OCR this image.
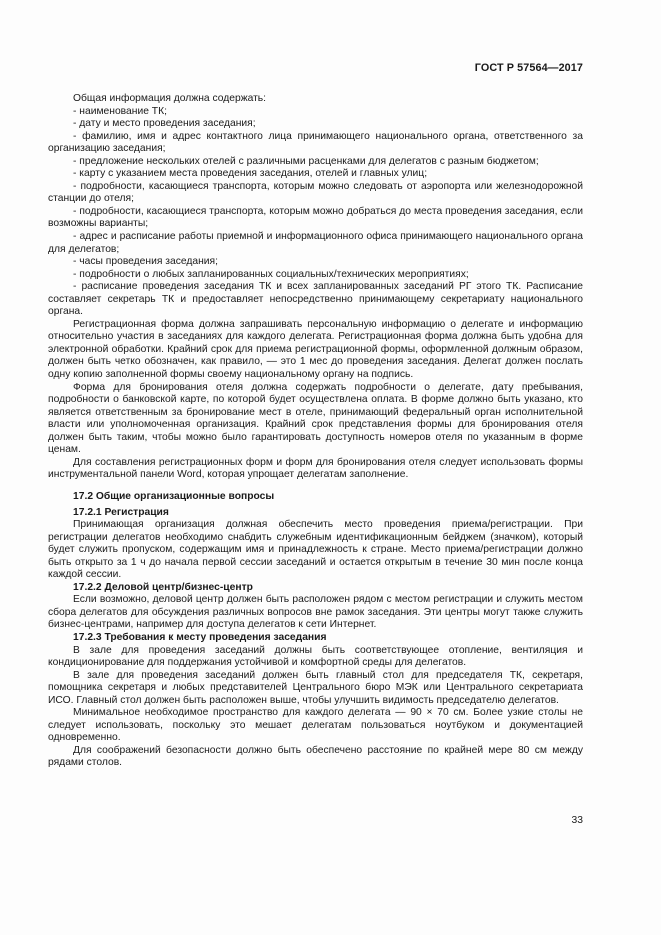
ГОСТ Р 57564—2017

Общая информация должна содержать:

- наименование ТК;

- дату и место проведения заседания;

- фамилию, имя и адрес контактного лица принимающего национального органа, ответственного за организацию заседания;

- предложение нескольких отелей с различными расценками для делегатов с разным бюджетом;

- карту с указанием места проведения заседания, отелей и главных улиц;

- подробности, касающиеся транспорта, которым можно следовать от аэропорта или железнодорожной станции до отеля;

- подробности, касающиеся транспорта, которым можно добраться до места проведения заседания, если возможны варианты;

- адрес и расписание работы приемной и информационного офиса принимающего национального органа для делегатов;

- часы проведения заседания;

- подробности о любых запланированных социальных/технических мероприятиях;

- расписание проведения заседания ТК и всех запланированных заседаний РГ этого ТК. Расписание составляет секретарь ТК и предоставляет непосредственно принимающему секретариату национального органа.

Регистрационная форма должна запрашивать персональную информацию о делегате и информацию относительно участия в заседаниях для каждого делегата. Регистрационная форма должна быть удобна для электронной обработки. Крайний срок для приема регистрационной формы, оформленной должным образом, должен быть четко обозначен, как правило, — это 1 мес до проведения заседания. Делегат должен послать одну копию заполненной формы своему национальному органу на подпись.

Форма для бронирования отеля должна содержать подробности о делегате, дату пребывания, подробности о банковской карте, по которой будет осуществлена оплата. В форме должно быть указано, кто является ответственным за бронирование мест в отеле, принимающий федеральный орган исполнительной власти или уполномоченная организация. Крайний срок представления формы для бронирования отеля должен быть таким, чтобы можно было гарантировать доступность номеров отеля по указанным в форме ценам.

Для составления регистрационных форм и форм для бронирования отеля следует использовать формы инструментальной панели Word, которая упрощает делегатам заполнение.

17.2 Общие организационные вопросы

17.2.1 Регистрация

Принимающая организация должная обеспечить место проведения приема/регистрации. При регистрации делегатов необходимо снабдить служебным идентификационным бейджем (значком), который будет служить пропуском, содержащим имя и принадлежность к стране. Место приема/регистрации должно быть открыто за 1 ч до начала первой сессии заседаний и остается открытым в течение 30 мин после конца каждой сессии.

17.2.2 Деловой центр/бизнес-центр

Если возможно, деловой центр должен быть расположен рядом с местом регистрации и служить местом сбора делегатов для обсуждения различных вопросов вне рамок заседания. Эти центры могут также служить бизнес-центрами, например для доступа делегатов к сети Интернет.

17.2.3 Требования к месту проведения заседания

В зале для проведения заседаний должны быть соответствующее отопление, вентиляция и кондиционирование для поддержания устойчивой и комфортной среды для делегатов.

В зале для проведения заседаний должен быть главный стол для председателя ТК, секретаря, помощника секретаря и любых представителей Центрального бюро МЭК или Центрального секретариата ИСО. Главный стол должен быть расположен выше, чтобы улучшить видимость председателю делегатов.

Минимальное необходимое пространство для каждого делегата — 90 × 70 см. Более узкие столы не следует использовать, поскольку это мешает делегатам пользоваться ноутбуком и документацией одновременно.

Для соображений безопасности должно быть обеспечено расстояние по крайней мере 80 см между рядами столов.

33
